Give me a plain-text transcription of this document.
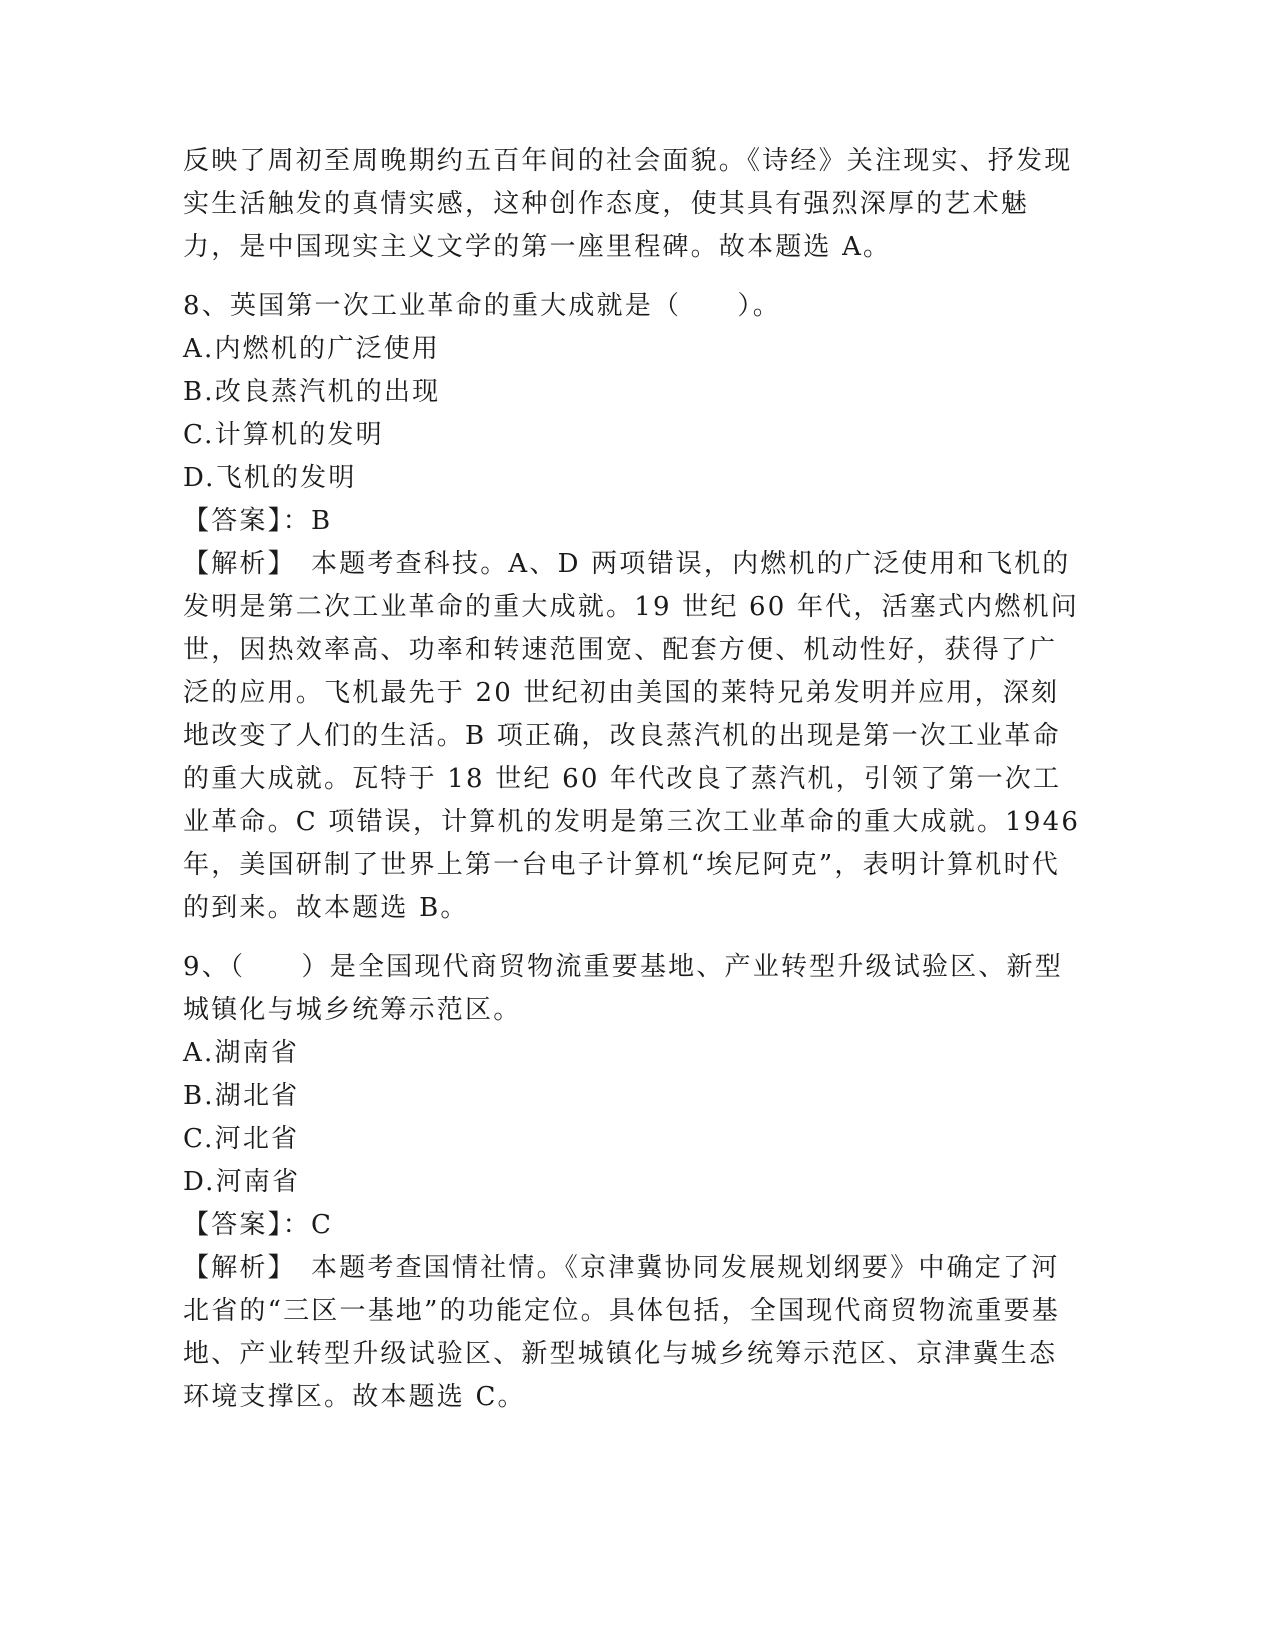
反映了周初至周晚期约五百年间的社会面貌。《诗经》关注现实、抒发现实生活触发的真情实感，这种创作态度，使其具有强烈深厚的艺术魅力，是中国现实主义文学的第一座里程碑。故本题选 A。

8、英国第一次工业革命的重大成就是（　　）。

A.内燃机的广泛使用

B.改良蒸汽机的出现

C.计算机的发明

D.飞机的发明

【答案】：B

【解析】　本题考查科技。A、D 两项错误，内燃机的广泛使用和飞机的发明是第二次工业革命的重大成就。19 世纪 60 年代，活塞式内燃机问世，因热效率高、功率和转速范围宽、配套方便、机动性好，获得了广泛的应用。飞机最先于 20 世纪初由美国的莱特兄弟发明并应用，深刻地改变了人们的生活。B 项正确，改良蒸汽机的出现是第一次工业革命的重大成就。瓦特于 18 世纪 60 年代改良了蒸汽机，引领了第一次工业革命。C 项错误，计算机的发明是第三次工业革命的重大成就。1946 年，美国研制了世界上第一台电子计算机“埃尼阿克”，表明计算机时代的到来。故本题选 B。

9、（　　）是全国现代商贸物流重要基地、产业转型升级试验区、新型城镇化与城乡统筹示范区。

A.湖南省

B.湖北省

C.河北省

D.河南省

【答案】：C

【解析】　本题考查国情社情。《京津冀协同发展规划纲要》中确定了河北省的“三区一基地”的功能定位。具体包括，全国现代商贸物流重要基地、产业转型升级试验区、新型城镇化与城乡统筹示范区、京津冀生态环境支撑区。故本题选 C。
